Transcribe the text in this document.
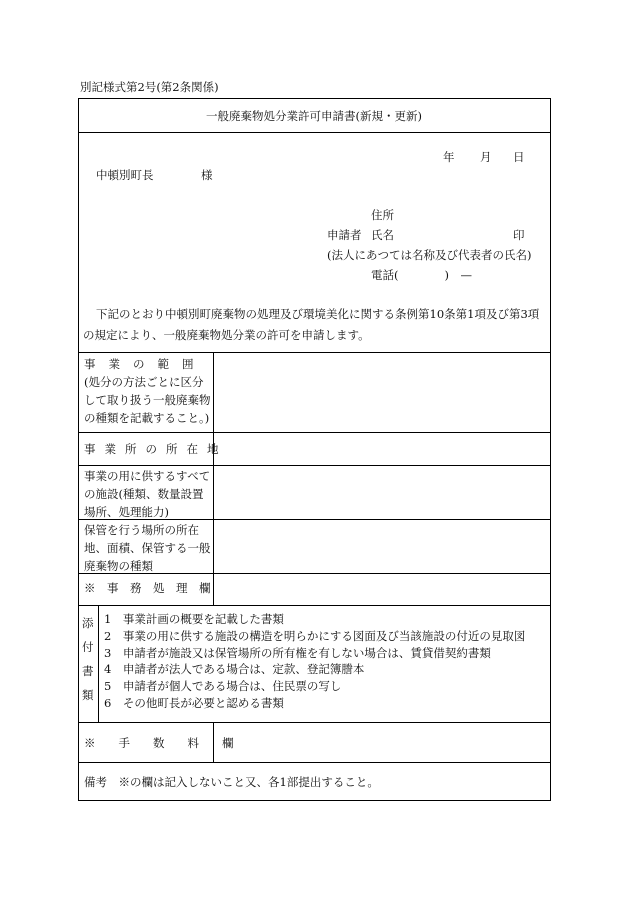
別記様式第2号(第2条関係)
一般廃棄物処分業許可申請書(新規・更新)
年 月 日
中頓別町長	様
住所
申請者 氏名	印
(法人にあつては名称及び代表者の氏名)
電話(　　　　)　—
下記のとおり中頓別町廃棄物の処理及び環境美化に関する条例第10条第1項及び第3項
の規定により、一般廃棄物処分業の許可を申請します。
事業の範囲
(処分の方法ごとに区分して取り扱う一般廃棄物の種類を記載すること。)
事業所の所在地
事業の用に供するすべての施設(種類、数量設置場所、処理能力)
保管を行う場所の所在地、面積、保管する一般廃棄物の種類
※　事　務　処　理　欄
添
付
書
類
1　 事業計画の概要を記載した書類
2　 事業の用に供する施設の構造を明らかにする図面及び当該施設の付近の見取図
3　 申請者が施設又は保管場所の所有権を有しない場合は、賃貸借契約書類
4　 申請者が法人である場合は、定款、登記簿謄本
5　 申請者が個人である場合は、住民票の写し
6　 その他町長が必要と認める書類
※　　手　　数　　料　　欄
備考　※の欄は記入しないこと又、各1部提出すること。
